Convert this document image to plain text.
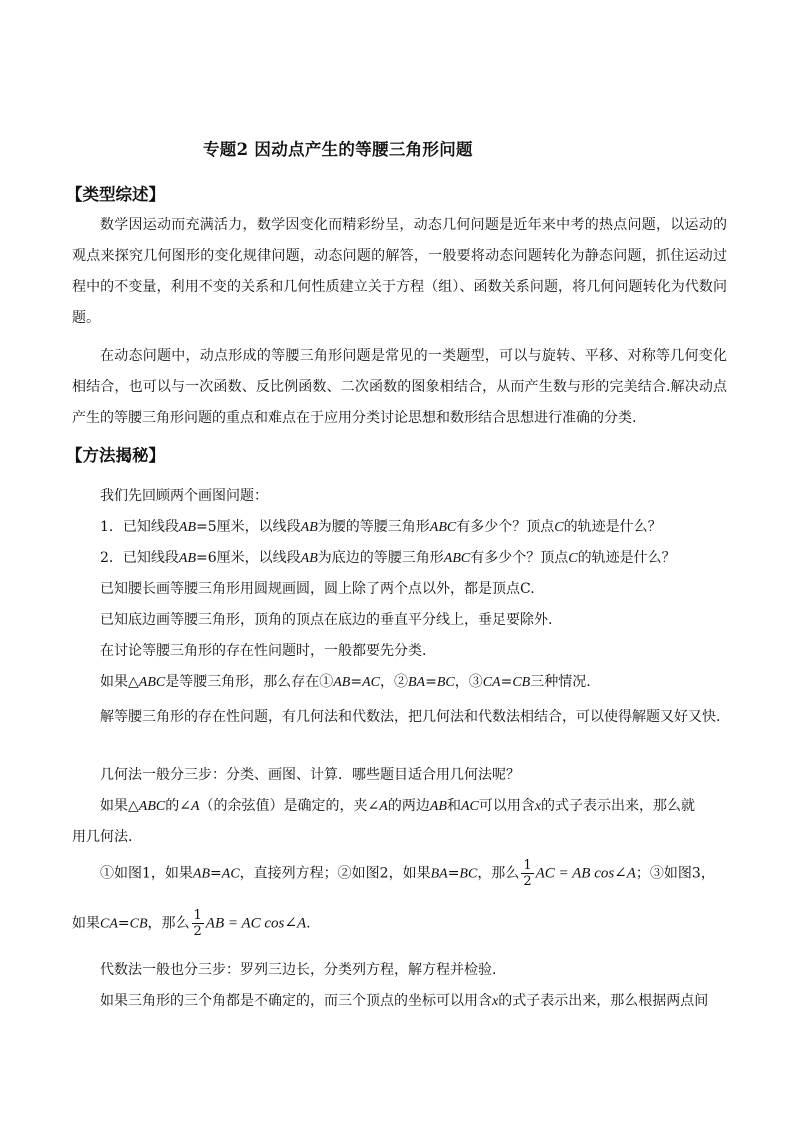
专题2 因动点产生的等腰三角形问题
【类型综述】

数学因运动而充满活力，数学因变化而精彩纷呈，动态几何问题是近年来中考的热点问题，以运动的观点来探究几何图形的变化规律问题，动态问题的解答，一般要将动态问题转化为静态问题，抓住运动过程中的不变量，利用不变的关系和几何性质建立关于方程（组）、函数关系问题，将几何问题转化为代数问题。

在动态问题中，动点形成的等腰三角形问题是常见的一类题型，可以与旋转、平移、对称等几何变化相结合，也可以与一次函数、反比例函数、二次函数的图象相结合，从而产生数与形的完美结合.解决动点产生的等腰三角形问题的重点和难点在于应用分类讨论思想和数形结合思想进行准确的分类.

【方法揭秘】
我们先回顾两个画图问题：
1．已知线段AB=5厘米，以线段AB为腰的等腰三角形ABC有多少个？顶点C的轨迹是什么？
2．已知线段AB=6厘米，以线段AB为底边的等腰三角形ABC有多少个？顶点C的轨迹是什么？
已知腰长画等腰三角形用圆规画圆，圆上除了两个点以外，都是顶点C.
已知底边画等腰三角形，顶角的顶点在底边的垂直平分线上，垂足要除外.
在讨论等腰三角形的存在性问题时，一般都要先分类.
如果△ABC是等腰三角形，那么存在①AB=AC，②BA=BC，③CA=CB三种情况.

解等腰三角形的存在性问题，有几何法和代数法，把几何法和代数法相结合，可以使得解题又好又快.

几何法一般分三步：分类、画图、计算．哪些题目适合用几何法呢？
如果△ABC的∠A（的余弦值）是确定的，夹∠A的两边AB和AC可以用含x的式子表示出来，那么就
用几何法.
①如图1，如果AB=AC，直接列方程；②如图2，如果BA=BC，那么 $\frac{1}{2}$ AC = AB cos∠A；③如图3，
如果CA=CB，那么 $\frac{1}{2}$ AB = AC cos∠A.
代数法一般也分三步：罗列三边长，分类列方程，解方程并检验.
如果三角形的三个角都是不确定的，而三个顶点的坐标可以用含x的式子表示出来，那么根据两点间
